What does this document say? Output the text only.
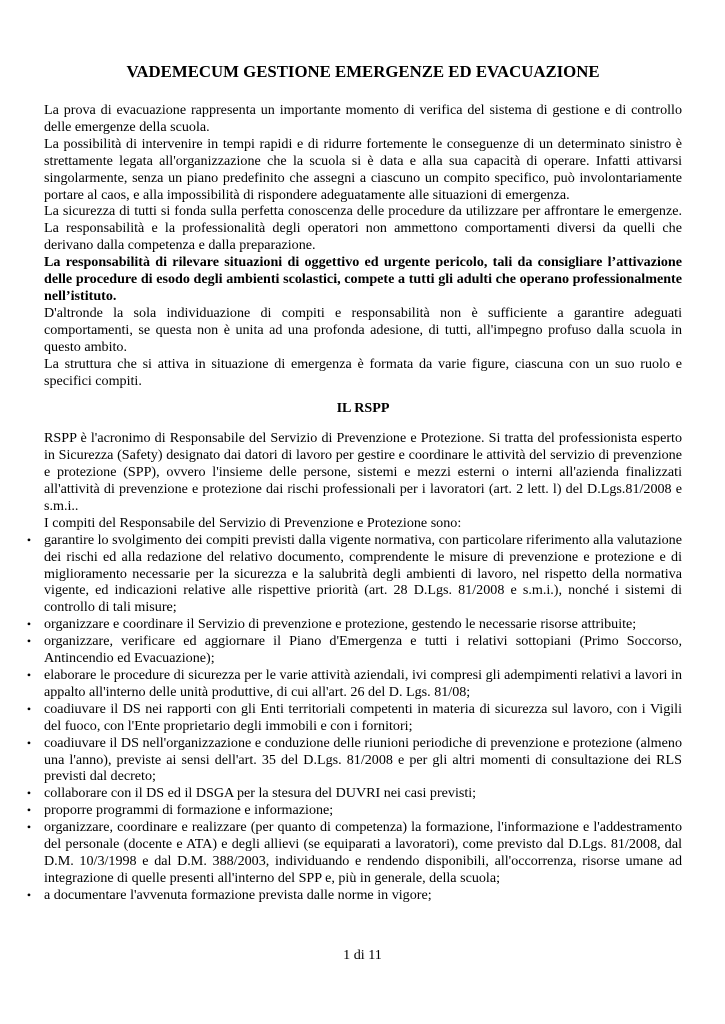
VADEMECUM GESTIONE EMERGENZE ED EVACUAZIONE

La prova di evacuazione rappresenta un importante momento di verifica del sistema di gestione e di controllo delle emergenze della scuola.

La possibilità di intervenire in tempi rapidi e di ridurre fortemente le conseguenze di un determinato sinistro è strettamente legata all'organizzazione che la scuola si è data e alla sua capacità di operare. Infatti attivarsi singolarmente, senza un piano predefinito che assegni a ciascuno un compito specifico, può involontariamente portare al caos, e alla impossibilità di rispondere adeguatamente alle situazioni di emergenza.

La sicurezza di tutti si fonda sulla perfetta conoscenza delle procedure da utilizzare per affrontare le emergenze. La responsabilità e la professionalità degli operatori non ammettono comportamenti diversi da quelli che derivano dalla competenza e dalla preparazione.

La responsabilità di rilevare situazioni di oggettivo ed urgente pericolo, tali da consigliare l’attivazione delle procedure di esodo degli ambienti scolastici, compete a tutti gli adulti che operano professionalmente nell’istituto.

D'altronde la sola individuazione di compiti e responsabilità non è sufficiente a garantire adeguati comportamenti, se questa non è unita ad una profonda adesione, di tutti, all'impegno profuso dalla scuola in questo ambito.

La struttura che si attiva in situazione di emergenza è formata da varie figure, ciascuna con un suo ruolo e specifici compiti.

IL RSPP

RSPP è l'acronimo di Responsabile del Servizio di Prevenzione e Protezione. Si tratta del professionista esperto in Sicurezza (Safety) designato dai datori di lavoro per gestire e coordinare le attività del servizio di prevenzione e protezione (SPP), ovvero l'insieme delle persone, sistemi e mezzi esterni o interni all'azienda finalizzati all'attività di prevenzione e protezione dai rischi professionali per i lavoratori (art. 2 lett. l) del D.Lgs.81/2008 e s.m.i..

I compiti del Responsabile del Servizio di Prevenzione e Protezione sono:

• garantire lo svolgimento dei compiti previsti dalla vigente normativa, con particolare riferimento alla valutazione dei rischi ed alla redazione del relativo documento, comprendente le misure di prevenzione e protezione e di miglioramento necessarie per la sicurezza e la salubrità degli ambienti di lavoro, nel rispetto della normativa vigente, ed indicazioni relative alle rispettive priorità (art. 28 D.Lgs. 81/2008 e s.m.i.), nonché i sistemi di controllo di tali misure;
• organizzare e coordinare il Servizio di prevenzione e protezione, gestendo le necessarie risorse attribuite;
• organizzare, verificare ed aggiornare il Piano d'Emergenza e tutti i relativi sottopiani (Primo Soccorso, Antincendio ed Evacuazione);
• elaborare le procedure di sicurezza per le varie attività aziendali, ivi compresi gli adempimenti relativi a lavori in appalto all'interno delle unità produttive, di cui all'art. 26 del D. Lgs. 81/08;
• coadiuvare il DS nei rapporti con gli Enti territoriali competenti in materia di sicurezza sul lavoro, con i Vigili del fuoco, con l'Ente proprietario degli immobili e con i fornitori;
• coadiuvare il DS nell'organizzazione e conduzione delle riunioni periodiche di prevenzione e protezione (almeno una l'anno), previste ai sensi dell'art. 35 del D.Lgs. 81/2008 e per gli altri momenti di consultazione dei RLS previsti dal decreto;
• collaborare con il DS ed il DSGA per la stesura del DUVRI nei casi previsti;
• proporre programmi di formazione e informazione;
• organizzare, coordinare e realizzare (per quanto di competenza) la formazione, l'informazione e l'addestramento del personale (docente e ATA) e degli allievi (se equiparati a lavoratori), come previsto dal D.Lgs. 81/2008, dal D.M. 10/3/1998 e dal D.M. 388/2003, individuando e rendendo disponibili, all'occorrenza, risorse umane ad integrazione di quelle presenti all'interno del SPP e, più in generale, della scuola;
• a documentare l'avvenuta formazione prevista dalle norme in vigore;
1 di 11
